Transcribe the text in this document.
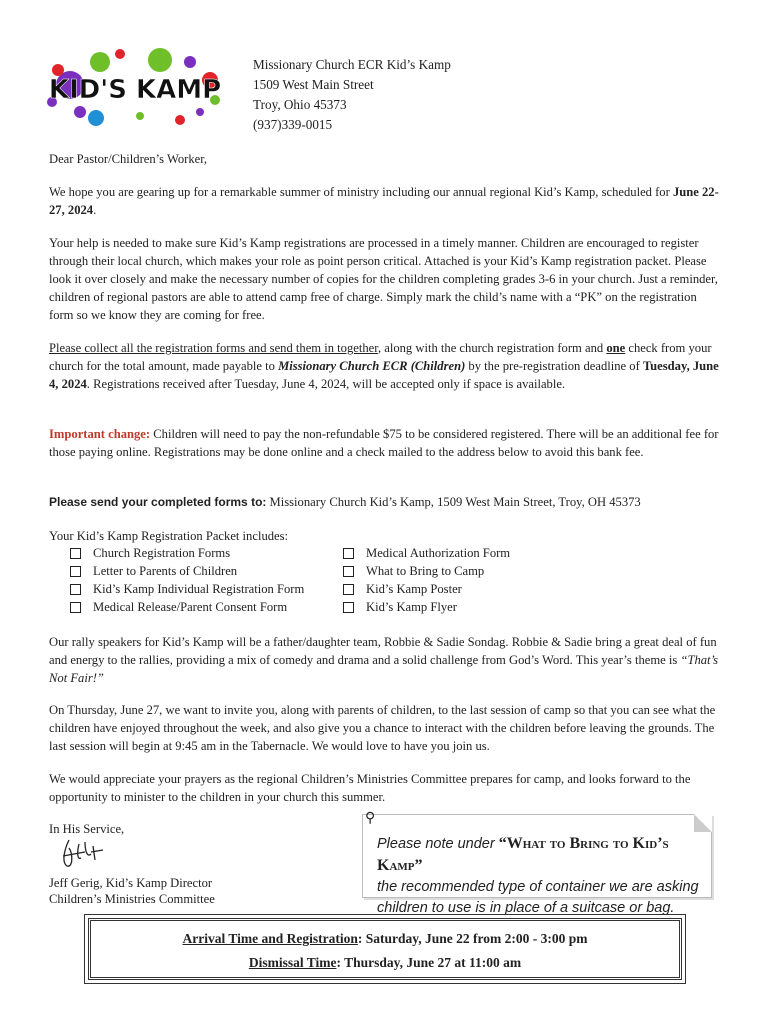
KID'S KAMP
Missionary Church ECR Kid’s Kamp
1509 West Main Street
Troy, Ohio 45373
(937)339-0015

Dear Pastor/Children’s Worker,

We hope you are gearing up for a remarkable summer of ministry including our annual regional Kid’s Kamp, scheduled for June 22-27, 2024.

Your help is needed to make sure Kid’s Kamp registrations are processed in a timely manner. Children are encouraged to register through their local church, which makes your role as point person critical. Attached is your Kid’s Kamp registration packet. Please look it over closely and make the necessary number of copies for the children completing grades 3-6 in your church. Just a reminder, children of regional pastors are able to attend camp free of charge. Simply mark the child’s name with a “PK” on the registration form so we know they are coming for free.

Please collect all the registration forms and send them in together, along with the church registration form and one check from your church for the total amount, made payable to Missionary Church ECR (Children) by the pre-registration deadline of Tuesday, June 4, 2024. Registrations received after Tuesday, June 4, 2024, will be accepted only if space is available.

Important change: Children will need to pay the non-refundable $75 to be considered registered. There will be an additional fee for those paying online. Registrations may be done online and a check mailed to the address below to avoid this bank fee.

Please send your completed forms to: Missionary Church Kid’s Kamp, 1509 West Main Street, Troy, OH 45373

Your Kid’s Kamp Registration Packet includes:

Church Registration Forms
Letter to Parents of Children
Kid’s Kamp Individual Registration Form
Medical Release/Parent Consent Form
Medical Authorization Form
What to Bring to Camp
Kid’s Kamp Poster
Kid’s Kamp Flyer

Our rally speakers for Kid’s Kamp will be a father/daughter team, Robbie & Sadie Sondag. Robbie & Sadie bring a great deal of fun and energy to the rallies, providing a mix of comedy and drama and a solid challenge from God’s Word. This year’s theme is “That’s Not Fair!”

On Thursday, June 27, we want to invite you, along with parents of children, to the last session of camp so that you can see what the children have enjoyed throughout the week, and also give you a chance to interact with the children before leaving the grounds. The last session will begin at 9:45 am in the Tabernacle. We would love to have you join us.

We would appreciate your prayers as the regional Children’s Ministries Committee prepares for camp, and looks forward to the opportunity to minister to the children in your church this summer.

In His Service,

Jeff Gerig, Kid’s Kamp Director

Children’s Ministries Committee

⚲
Please note under “What to Bring to Kid’s Kamp”
the recommended type of container we are asking children to use is in place of a suitcase or bag.
Arrival Time and Registration: Saturday, June 22 from 2:00 - 3:00 pm
Dismissal Time: Thursday, June 27 at 11:00 am
